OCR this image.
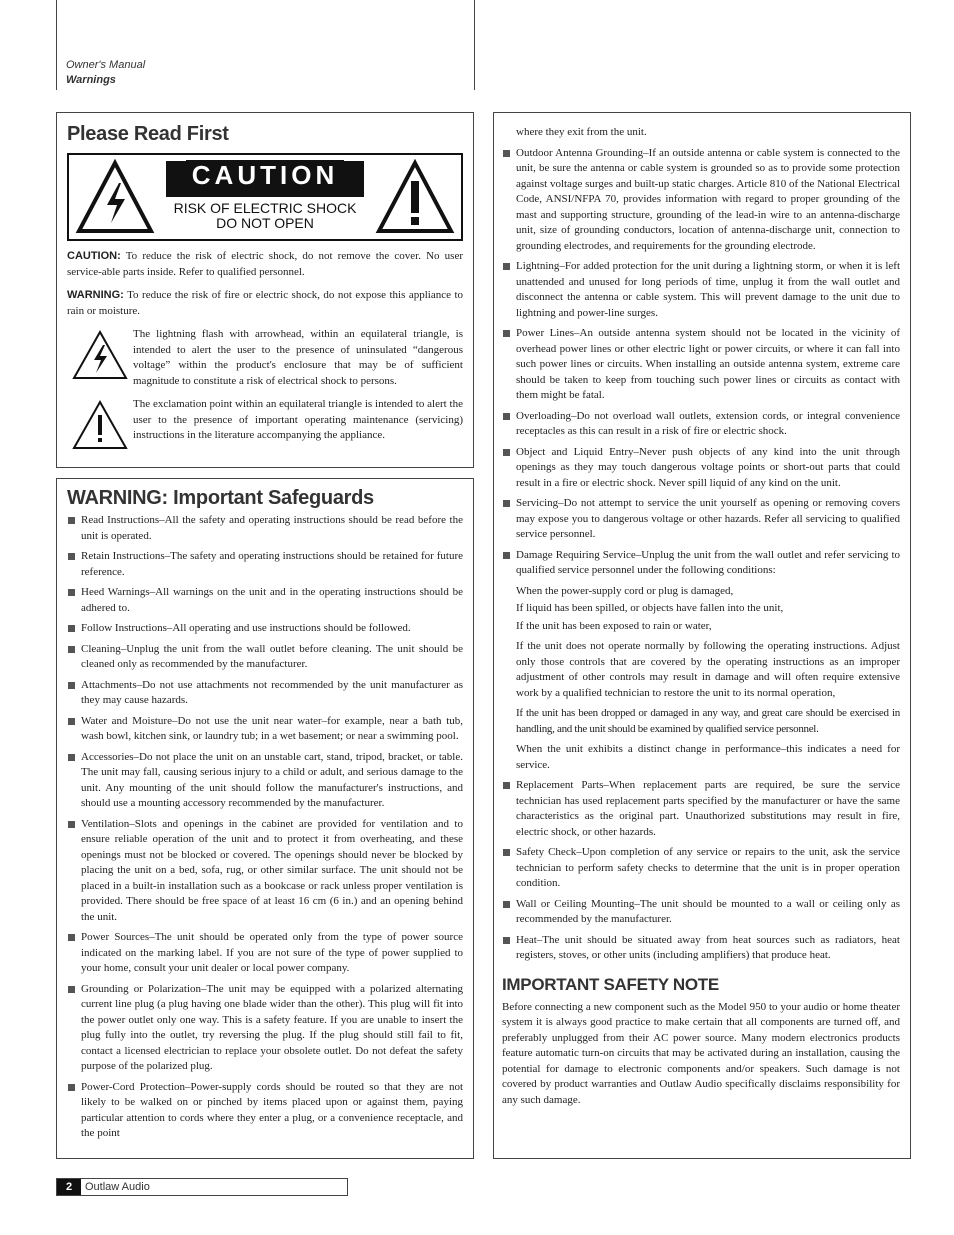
Owner's Manual
Warnings
Please Read First
CAUTION
RISK OF ELECTRIC SHOCK
DO NOT OPEN
CAUTION: To reduce the risk of electric shock, do not remove the cover. No user service-able parts inside. Refer to qualified personnel.
WARNING: To reduce the risk of fire or electric shock, do not expose this appliance to rain or moisture.
The lightning flash with arrowhead, within an equilateral triangle, is intended to alert the user to the presence of uninsulated “dangerous voltage” within the product's enclosure that may be of sufficient magnitude to constitute a risk of electrical shock to persons.
The exclamation point within an equilateral triangle is intended to alert the user to the presence of important operating maintenance (servicing) instructions in the literature accompanying the appliance.
WARNING: Important Safeguards
Read Instructions–All the safety and operating instructions should be read before the unit is operated.
Retain Instructions–The safety and operating instructions should be retained for future reference.
Heed Warnings–All warnings on the unit and in the operating instructions should be adhered to.
Follow Instructions–All operating and use instructions should be followed.
Cleaning–Unplug the unit from the wall outlet before cleaning. The unit should be cleaned only as recommended by the manufacturer.
Attachments–Do not use attachments not recommended by the unit manufacturer as they may cause hazards.
Water and Moisture–Do not use the unit near water–for example, near a bath tub, wash bowl, kitchen sink, or laundry tub; in a wet basement; or near a swimming pool.
Accessories–Do not place the unit on an unstable cart, stand, tripod, bracket, or table. The unit may fall, causing serious injury to a child or adult, and serious damage to the unit. Any mounting of the unit should follow the manufacturer's instructions, and should use a mounting accessory recommended by the manufacturer.
Ventilation–Slots and openings in the cabinet are provided for ventilation and to ensure reliable operation of the unit and to protect it from overheating, and these openings must not be blocked or covered. The openings should never be blocked by placing the unit on a bed, sofa, rug, or other similar surface. The unit should not be placed in a built-in installation such as a bookcase or rack unless proper ventilation is provided. There should be free space of at least 16 cm (6 in.) and an opening behind the unit.
Power Sources–The unit should be operated only from the type of power source indicated on the marking label. If you are not sure of the type of power supplied to your home, consult your unit dealer or local power company.
Grounding or Polarization–The unit may be equipped with a polarized alternating current line plug (a plug having one blade wider than the other). This plug will fit into the power outlet only one way. This is a safety feature. If you are unable to insert the plug fully into the outlet, try reversing the plug. If the plug should still fail to fit, contact a licensed electrician to replace your obsolete outlet. Do not defeat the safety purpose of the polarized plug.
Power-Cord Protection–Power-supply cords should be routed so that they are not likely to be walked on or pinched by items placed upon or against them, paying particular attention to cords where they enter a plug, or a convenience receptacle, and the point
where they exit from the unit.
Outdoor Antenna Grounding–If an outside antenna or cable system is connected to the unit, be sure the antenna or cable system is grounded so as to provide some protection against voltage surges and built-up static charges. Article 810 of the National Electrical Code, ANSI/NFPA 70, provides information with regard to proper grounding of the mast and supporting structure, grounding of the lead-in wire to an antenna-discharge unit, size of grounding conductors, location of antenna-discharge unit, connection to grounding electrodes, and requirements for the grounding electrode.
Lightning–For added protection for the unit during a lightning storm, or when it is left unattended and unused for long periods of time, unplug it from the wall outlet and disconnect the antenna or cable system. This will prevent damage to the unit due to lightning and power-line surges.
Power Lines–An outside antenna system should not be located in the vicinity of overhead power lines or other electric light or power circuits, or where it can fall into such power lines or circuits. When installing an outside antenna system, extreme care should be taken to keep from touching such power lines or circuits as contact with them might be fatal.
Overloading–Do not overload wall outlets, extension cords, or integral convenience receptacles as this can result in a risk of fire or electric shock.
Object and Liquid Entry–Never push objects of any kind into the unit through openings as they may touch dangerous voltage points or short-out parts that could result in a fire or electric shock. Never spill liquid of any kind on the unit.
Servicing–Do not attempt to service the unit yourself as opening or removing covers may expose you to dangerous voltage or other hazards. Refer all servicing to qualified service personnel.
Damage Requiring Service–Unplug the unit from the wall outlet and refer servicing to qualified service personnel under the following conditions:
When the power-supply cord or plug is damaged,
If liquid has been spilled, or objects have fallen into the unit,
If the unit has been exposed to rain or water,
If the unit does not operate normally by following the operating instructions. Adjust only those controls that are covered by the operating instructions as an improper adjustment of other controls may result in damage and will often require extensive work by a qualified technician to restore the unit to its normal operation,
If the unit has been dropped or damaged in any way, and great care should be exercised in handling, and the unit should be examined by qualified service personnel.
When the unit exhibits a distinct change in performance–this indicates a need for service.
Replacement Parts–When replacement parts are required, be sure the service technician has used replacement parts specified by the manufacturer or have the same characteristics as the original part. Unauthorized substitutions may result in fire, electric shock, or other hazards.
Safety Check–Upon completion of any service or repairs to the unit, ask the service technician to perform safety checks to determine that the unit is in proper operation condition.
Wall or Ceiling Mounting–The unit should be mounted to a wall or ceiling only as recommended by the manufacturer.
Heat–The unit should be situated away from heat sources such as radiators, heat registers, stoves, or other units (including amplifiers) that produce heat.
IMPORTANT SAFETY NOTE
Before connecting a new component such as the Model 950 to your audio or home theater system it is always good practice to make certain that all components are turned off, and preferably unplugged from their AC power source. Many modern electronics products feature automatic turn-on circuits that may be activated during an installation, causing the potential for damage to electronic components and/or speakers. Such damage is not covered by product warranties and Outlaw Audio specifically disclaims responsibility for any such damage.
2	Outlaw Audio
